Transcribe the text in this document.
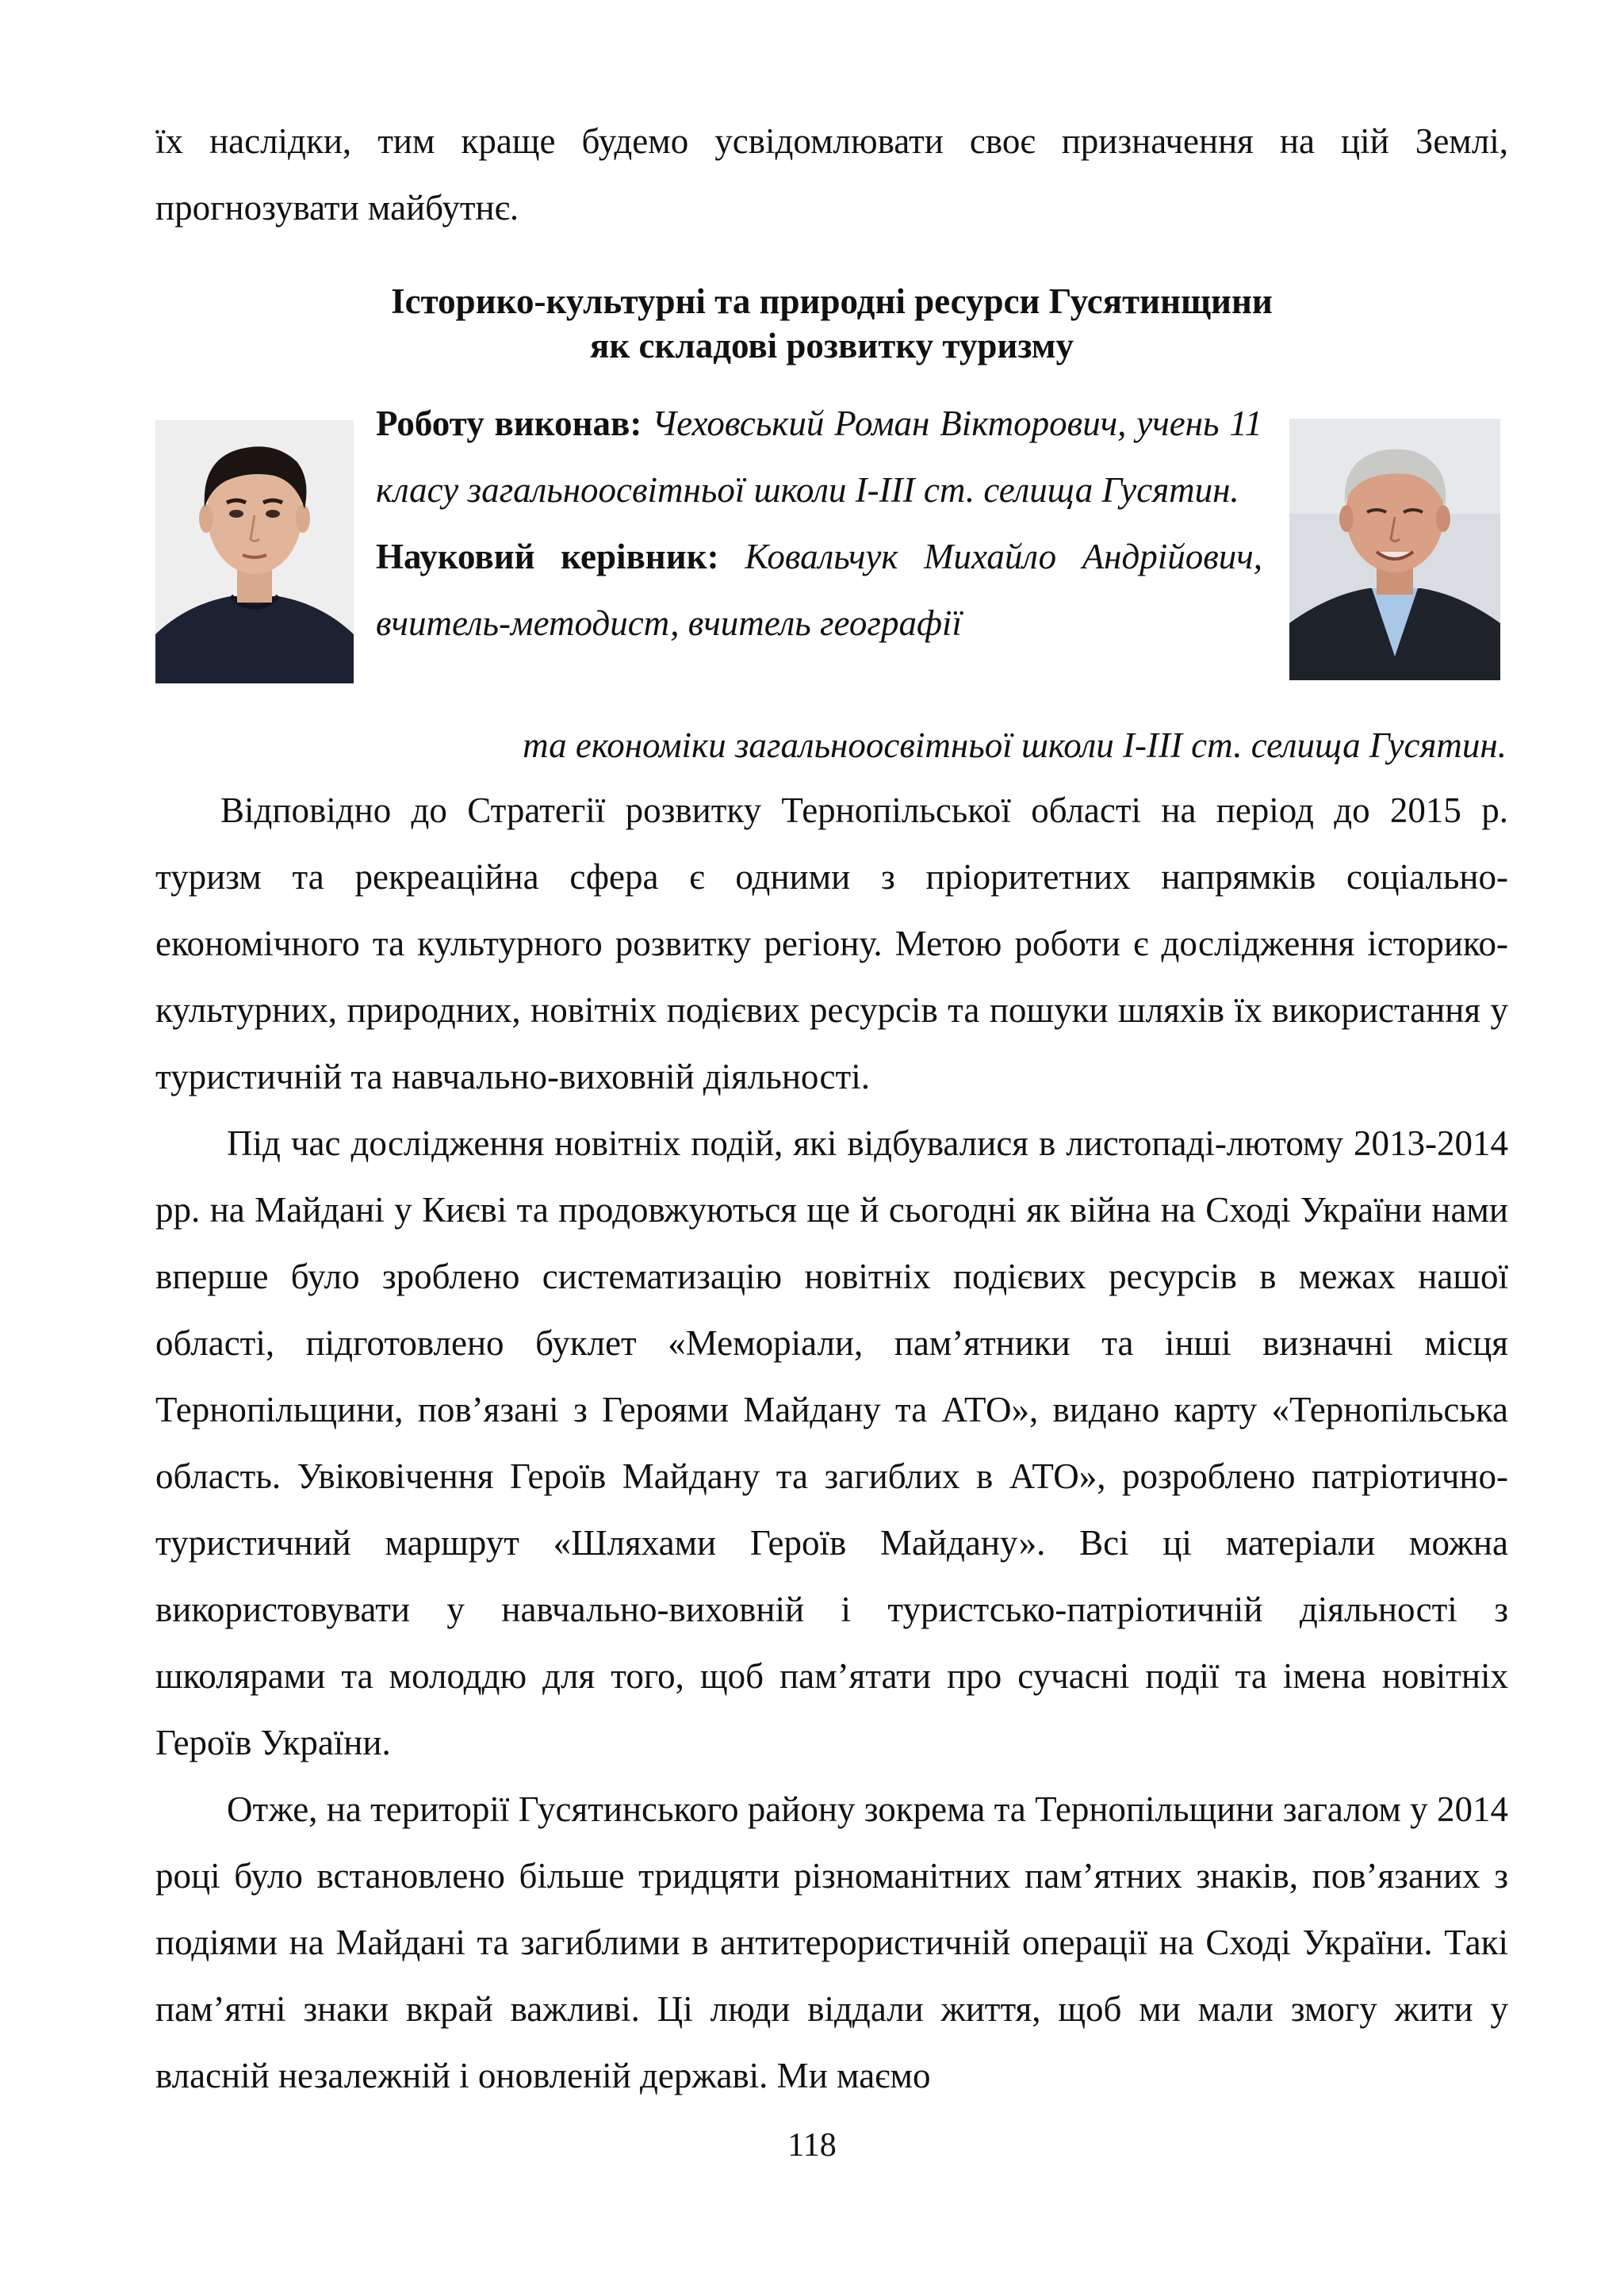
їх наслідки, тим краще будемо усвідомлювати своє призначення на цій Землі, прогнозувати майбутнє.

Історико-культурні та природні ресурси Гусятинщини
як складові розвитку туризму

Роботу виконав: Чеховський Роман Вікторович, учень 11 класу загальноосвітньої школи І-ІІІ ст. селища Гусятин.

Науковий керівник: Ковальчук Михайло Андрійович, вчитель-методист, вчитель географії

та економіки загальноосвітньої школи І-ІІІ ст. селища Гусятин.

Відповідно до Стратегії розвитку Тернопільської області на період до 2015 р. туризм та рекреаційна сфера є одними з пріоритетних напрямків соціально-економічного та культурного розвитку регіону. Метою роботи є дослідження історико-культурних, природних, новітніх подієвих ресурсів та пошуки шляхів їх використання у туристичній та навчально-виховній діяльності.

Під час дослідження новітніх подій, які відбувалися в листопаді-лютому 2013-2014 рр. на Майдані у Києві та продовжуються ще й сьогодні як війна на Сході України нами вперше було зроблено систематизацію новітніх подієвих ресурсів в межах нашої області, підготовлено буклет «Меморіали, пам’ятники та інші визначні місця Тернопільщини, пов’язані з Героями Майдану та АТО», видано карту «Тернопільська область. Увіковічення Героїв Майдану та загиблих в АТО», розроблено патріотично-туристичний маршрут «Шляхами Героїв Майдану». Всі ці матеріали можна використовувати у навчально-виховній і туристсько-патріотичній діяльності з школярами та молоддю для того, щоб пам’ятати про сучасні події та імена новітніх Героїв України.

Отже, на території Гусятинського району зокрема та Тернопільщини загалом у 2014 році було встановлено більше тридцяти різноманітних пам’ятних знаків, пов’язаних з подіями на Майдані та загиблими в антитерористичній операції на Сході України. Такі пам’ятні знаки вкрай важливі. Ці люди віддали життя, щоб ми мали змогу жити у власній незалежній і оновленій державі. Ми маємо

118
